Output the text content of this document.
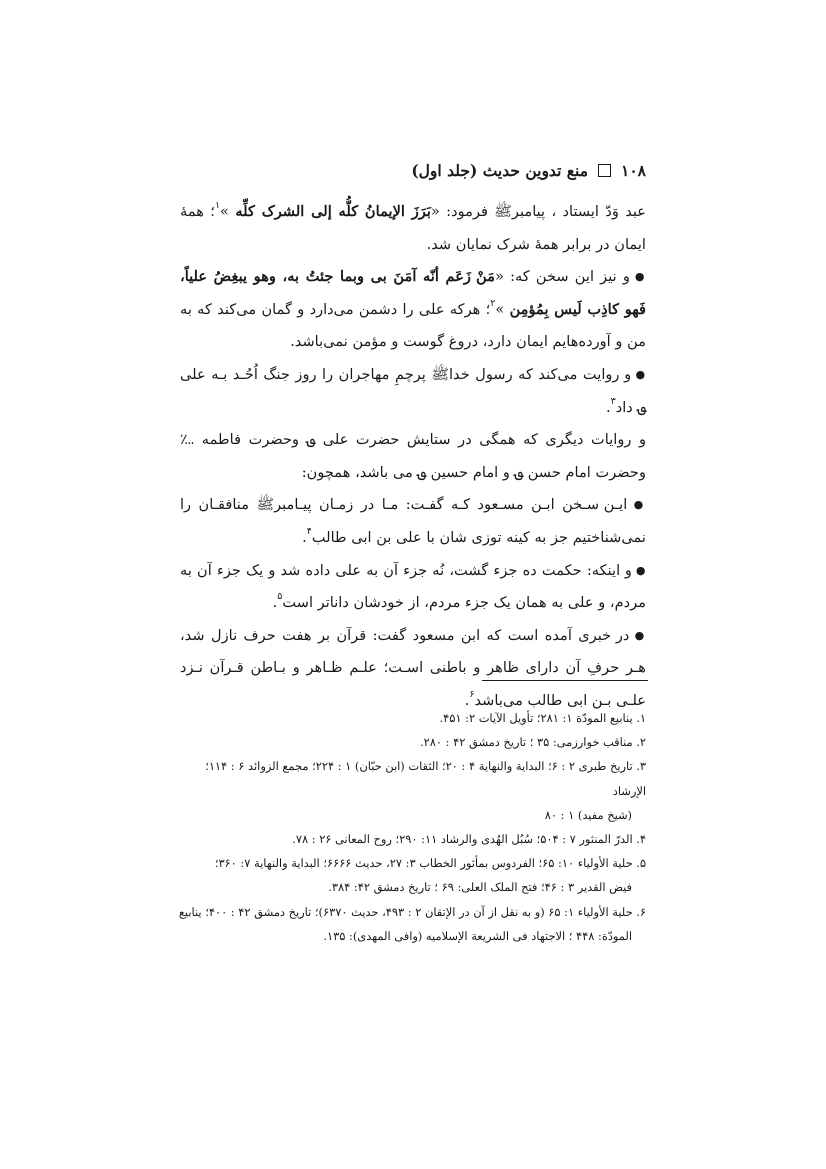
۱۰۸
منع تدوین حدیث (جلد اول)

عبد وَدّ ایستاد ، پیامبرﷺ فرمود: «بَرَزَ الإیمانُ کلُّه إلی الشرک کلِّه »$^۱$؛ همهٔ ایمان در برابر همهٔ شرک نمایان شد.

● و نیز این سخن که: «مَنْ زَعَم أنّه آمَنَ بی وبما جئتُ به، وهو یبغِضُ علیاً، فَهو کاذِب لَیس بِمُؤمِن »$^۲$؛ هرکه علی را دشمن می‌دارد و گمان می‌کند که به من و آورده‌هایم ایمان دارد، دروغ گوست و مؤمن نمی‌باشد.

● و روایت می‌کند که رسول خداﷺ پرچمِ مهاجران را روز جنگ اُحُـد بـه علی ؈ داد$^۳$.

و روایات دیگری که همگی در ستایش حضرت علی ؈ وحضرت فاطمه ؊ وحضرت امام حسن ؈ و امام حسین ؈ می باشد، همچون:

● ایـن سـخن ابـن مسـعود کـه گفـت: مـا در زمـان پیـامبرﷺ منافقـان را نمی‌شناختیم جز به کینه توزی شان با علی بن ابی طالب$^۴$.

● و اینکه: حکمت ده جزء گشت، نُه جزء آن به علی داده شد و یک جزء آن به مردم، و علی به همان یک جزء مردم، از خودشان داناتر است$^۵$.

● در خبری آمده است که ابن مسعود گفت: قرآن بر هفت حرف نازل شد، هـر حرفِ آن دارای ظاهر و باطنی اسـت؛ علـم ظـاهر و بـاطن قـرآن نـزد علـی بـن ابی طالب می‌باشد$^۶$.

۱. ینابیع المودّة ۱: ۲۸۱؛ تأویل الآیات ۲: ۴۵۱.

۲. مناقب خوارزمی: ۳۵ ؛ تاریخ دمشق ۴۲ : ۲۸۰.

۳. تاریخ طبری ۲ : ۶؛ البدایة والنهایة ۴ : ۲۰؛ الثقات (ابن حبّان) ۱ : ۲۲۴؛ مجمع الزوائد ۶ : ۱۱۴؛ الإرشاد

(شیخ مفید) ۱ : ۸۰

۴. الدرّ المنثور ۷ : ۵۰۴؛ سُبُل الهُدی والرشاد ۱۱: ۲۹۰؛ روح المعانی ۲۶ : ۷۸.

۵. حلیة الأولیاء ۱۰: ۶۵؛ الفردوس بمأثور الخطاب ۳: ۲۷، حدیث ۶۶۶۶؛ البدایة والنهایة ۷: ۳۶۰؛

فیض القدیر ۳ : ۴۶؛ فتح الملک العلی: ۶۹ ؛ تاریخ دمشق ۴۲: ۳۸۴.

۶. حلیة الأولیاء ۱: ۶۵ (و به نقل از آن در الإتقان ۲ : ۴۹۳، حدیث ۶۳۷۰)؛ تاریخ دمشق ۴۲ : ۴۰۰؛ ینابیع

المودّة: ۴۴۸ ؛ الاجتهاد فی الشریعة الإسلامیه (وافی المهدی): ۱۳۵.
